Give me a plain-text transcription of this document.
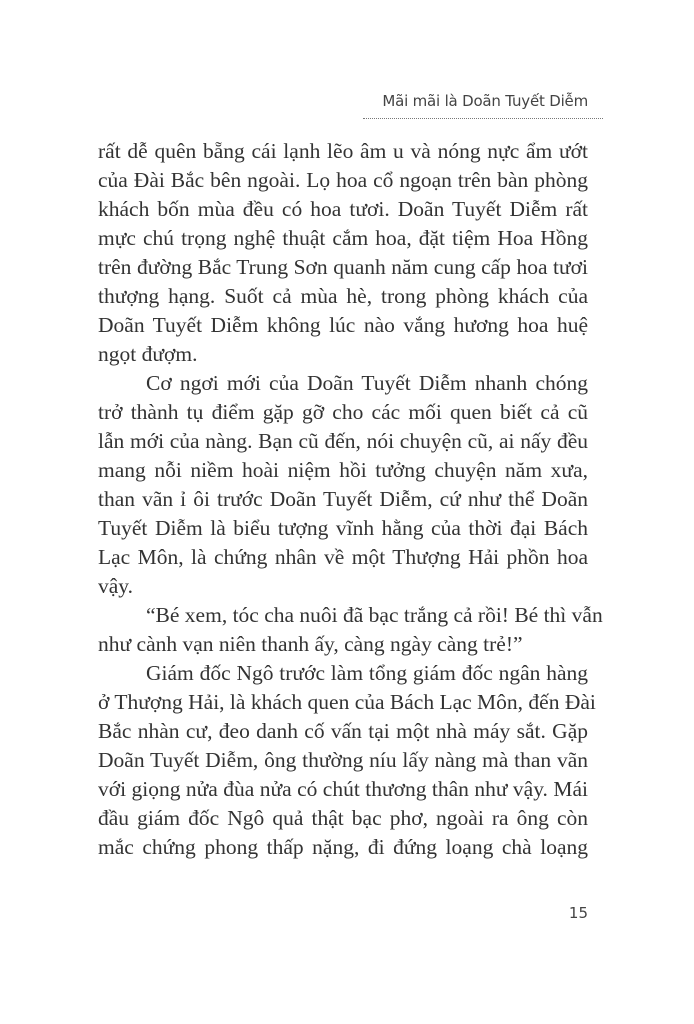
Mãi mãi là Doãn Tuyết Diễm
rất dễ quên bẵng cái lạnh lẽo âm u và nóng nực ẩm ướt
của Đài Bắc bên ngoài. Lọ hoa cổ ngoạn trên bàn phòng
khách bốn mùa đều có hoa tươi. Doãn Tuyết Diễm rất
mực chú trọng nghệ thuật cắm hoa, đặt tiệm Hoa Hồng
trên đường Bắc Trung Sơn quanh năm cung cấp hoa tươi
thượng hạng. Suốt cả mùa hè, trong phòng khách của
Doãn Tuyết Diễm không lúc nào vắng hương hoa huệ
ngọt đượm.
Cơ ngơi mới của Doãn Tuyết Diễm nhanh chóng
trở thành tụ điểm gặp gỡ cho các mối quen biết cả cũ
lẫn mới của nàng. Bạn cũ đến, nói chuyện cũ, ai nấy đều
mang nỗi niềm hoài niệm hồi tưởng chuyện năm xưa,
than vãn ỉ ôi trước Doãn Tuyết Diễm, cứ như thể Doãn
Tuyết Diễm là biểu tượng vĩnh hằng của thời đại Bách
Lạc Môn, là chứng nhân về một Thượng Hải phồn hoa
vậy.
“Bé xem, tóc cha nuôi đã bạc trắng cả rồi! Bé thì vẫn
như cành vạn niên thanh ấy, càng ngày càng trẻ!”
Giám đốc Ngô trước làm tổng giám đốc ngân hàng
ở Thượng Hải, là khách quen của Bách Lạc Môn, đến Đài
Bắc nhàn cư, đeo danh cố vấn tại một nhà máy sắt. Gặp
Doãn Tuyết Diễm, ông thường níu lấy nàng mà than vãn
với giọng nửa đùa nửa có chút thương thân như vậy. Mái
đầu giám đốc Ngô quả thật bạc phơ, ngoài ra ông còn
mắc chứng phong thấp nặng, đi đứng loạng chà loạng
15
